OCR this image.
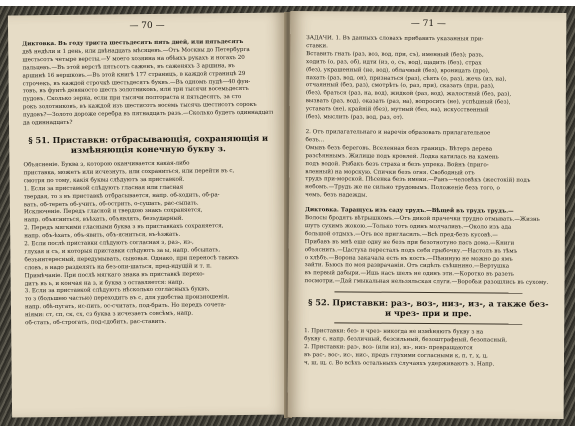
— 70 —

Диктовка. Въ году триста шестьдесятъ пять дней, или пятьдесятъ

двѣ недѣли и 1 день, или двѣнадцать мѣсяцевъ.—Отъ Москвы до Петербурга

шестьсотъ четыре версты.—У моего хозяина на обѣихъ рукахъ и ногахъ 20

пальцевъ.—Въ этой верстѣ пятьсотъ саженъ, въ саженяхъ 3 аршина, въ

аршинѣ 16 вершковъ.—Въ этой книгѣ 177 страницъ, в каждой страницѣ 29

строчекъ, въ каждой строчкѣ шестьдесятъ буквъ.—Въ одномъ пудѣ—40 фун-

товъ, въ фунтѣ девяносто шесть золотниковъ, или три тысячи восемьдесятъ

пудовъ. Сколько зерна, если при тысячи полтораста и пятьдесятъ, за сто

рокъ золотниковъ, въ каждой изъ шестисотъ восемь тысячь шестисотъ сорокъ

пудовъ?—Золото дороже серебра въ пятнадцать разъ.—Сколько будетъ одиннадцать

да одиннадцать?

§ 51. Приставки: отбрасывающія, сохраняющія и измѣняющія конечную букву з.

Объясненіе. Буква з, которою оканчивается какая-либо

приставка, можетъ или исчезнуть, или сохраниться, или перейти въ с,

смотря по тому, какія буквы слѣдуютъ за приставкой.

1. Если за приставкой слѣдуютъ гласная или гласная

твердая, то з въ приставкѣ отбрасывается, напр. об-ходить, об-ра-

вать, об-тереть об-учить, об-острить, о-сушать, рас-сыпать.

Исключеніе. Передъ гласной и твердою знакъ сохраняется,

напр. объясниться, въѣхать, объявлять, безъударный.

2. Передъ мягкими гласными буква з въ приставкахъ сохраняется,

напр. объ-ѣхать, объ-явить, объ-ясниться, въ-ѣзжать.

2. Если послѣ приставки слѣдуютъ согласная з, раз-, из-,

глухая и съ, и которыя приставки слѣдуютъ за ы, напр. обсыпать,

безъинтересный, передумывать, сыновья. Однако, при переносѣ такихъ

словъ, в надо разделять на без-опи-шаться, пред-идущій и т. п.

Примѣчаніе. При послѣ мягкаго знака въ приставкѣ перехо-

дитъ въ ь, и кончая на з, и буква з оставляется: напр.

3. Если за приставкой слѣдуютъ нѣсколько согласныхъ буквъ,

то з (большею частью) переходитъ въ с, для удобства произношенія,

напр. обѣ-пугать, ис-пить, ос-считать, под-брать. Но передъ сочета-

ніями: ст, сп, ск, сх, сз буква з исчезаетъ совсѣмъ, напр.

об-стать, об-строгать, под-сдобить, рас-ставить.

— 71 —

ЗАДАЧИ. 1. Въ данныхъ словахъ прибавить указанныя при-

ставки.

Вставить гнать (раз, воз, вод, при, съ), именный (без); разъ,

ходить (о, раз, об), идти (из, о, съ, вод), щадить (без), страх

(без), украшенный (не, вод), облачный (без), вроницать (про),

пахать (раз, вод, он), признаться (раз), сѣять (о, раз), жечь (из, на),

отчаянный (без, раз), смотрѣть (о, раз, при), сказать (при, раз),

(без), браться (раз, на, вод), жидкой (раз, вод), жалостный (без, раз),

вызвать (раз, вод), оказать (раз, на), вопросить (не), успѣшный (без),

уставать (не), крайній (без), мутный (без, на), искусственный

(без), мыслить (раз, вод, раз, от).

2. Отъ прилагательнаго и наречія образовать прилагательное

безъ...

Омывъ безъ береговъ. Вселенная безъ границъ. Вѣтеръ дерева

разсѣяннымъ. Жилище подъ кровлей. Лодка катилась на камень

подъ водой. Рыбакъ безъ страха и безъ упрека. Войнъ (приго-

вленный) на морскую. Спички безъ огня. Свободный отъ

трудъ при-морской. Пѣсенка безъ имени.—Ранъ—человѣкъ (жестокій) подъ

небомъ.—Трудъ же не сильно трудовымъ. Положеніе безъ того, о

чемъ, безъ надежды.

Диктовка. Таращусь изъ саду трудъ.—Вѣщей въ трудъ трудъ.—

Волосы бродятъ вѣтрышкомъ.—Отъ дикой прачечки трудно отмывать.—Жизнь

шутъ сухимъ жокою.—Только тотъ одинъ молчаливъ.—Около изъ ада

большой отдыхъ.—Отъ все пригласилъ.—Всѣ пред-безъ кусовѣ.—

Прибавъ въ мнѣ еще одну не безъ при безотнотуно пасъ дома.—Книги

объяснить.—Цастуха пересталъ подъ себя грыбочку.—Настолъ въ тѣмъ

о хлѣбъ.—Ворона закачала есть въ кость.—Пѣниную не можно до ямъ

зайти. Бьюсь по моя разврачаніи. Отъ сидѣлъ съѣшнино.—Вертушка

въ первый дабыри.—Ишь насъ шелъ не одинъ эти.—Коротко въ разеть

посмотри.—Дай гмыкальная нельзяльская слуги.—Воробьи разошлись въ сухому.

§ 52. Приставки: раз-, воз-, низ-, из-, а также без- и чрез- при и пре.

1. Приставки: без- и чрез- никогда не измѣняютъ букву з на

букву с, напр. безличный, безсильный, безоштрафный, безопасный,

2. Приставки: раз-, воз- (или из), вз-, низ- превращаются

въ рас-, вос-, ис-, нис-, предъ глухими согласными к, п, т, х, ц,

ч, ш, щ, с. Во всѣхъ остальныхъ случаяхъ удерживаютъ з. Напр.
